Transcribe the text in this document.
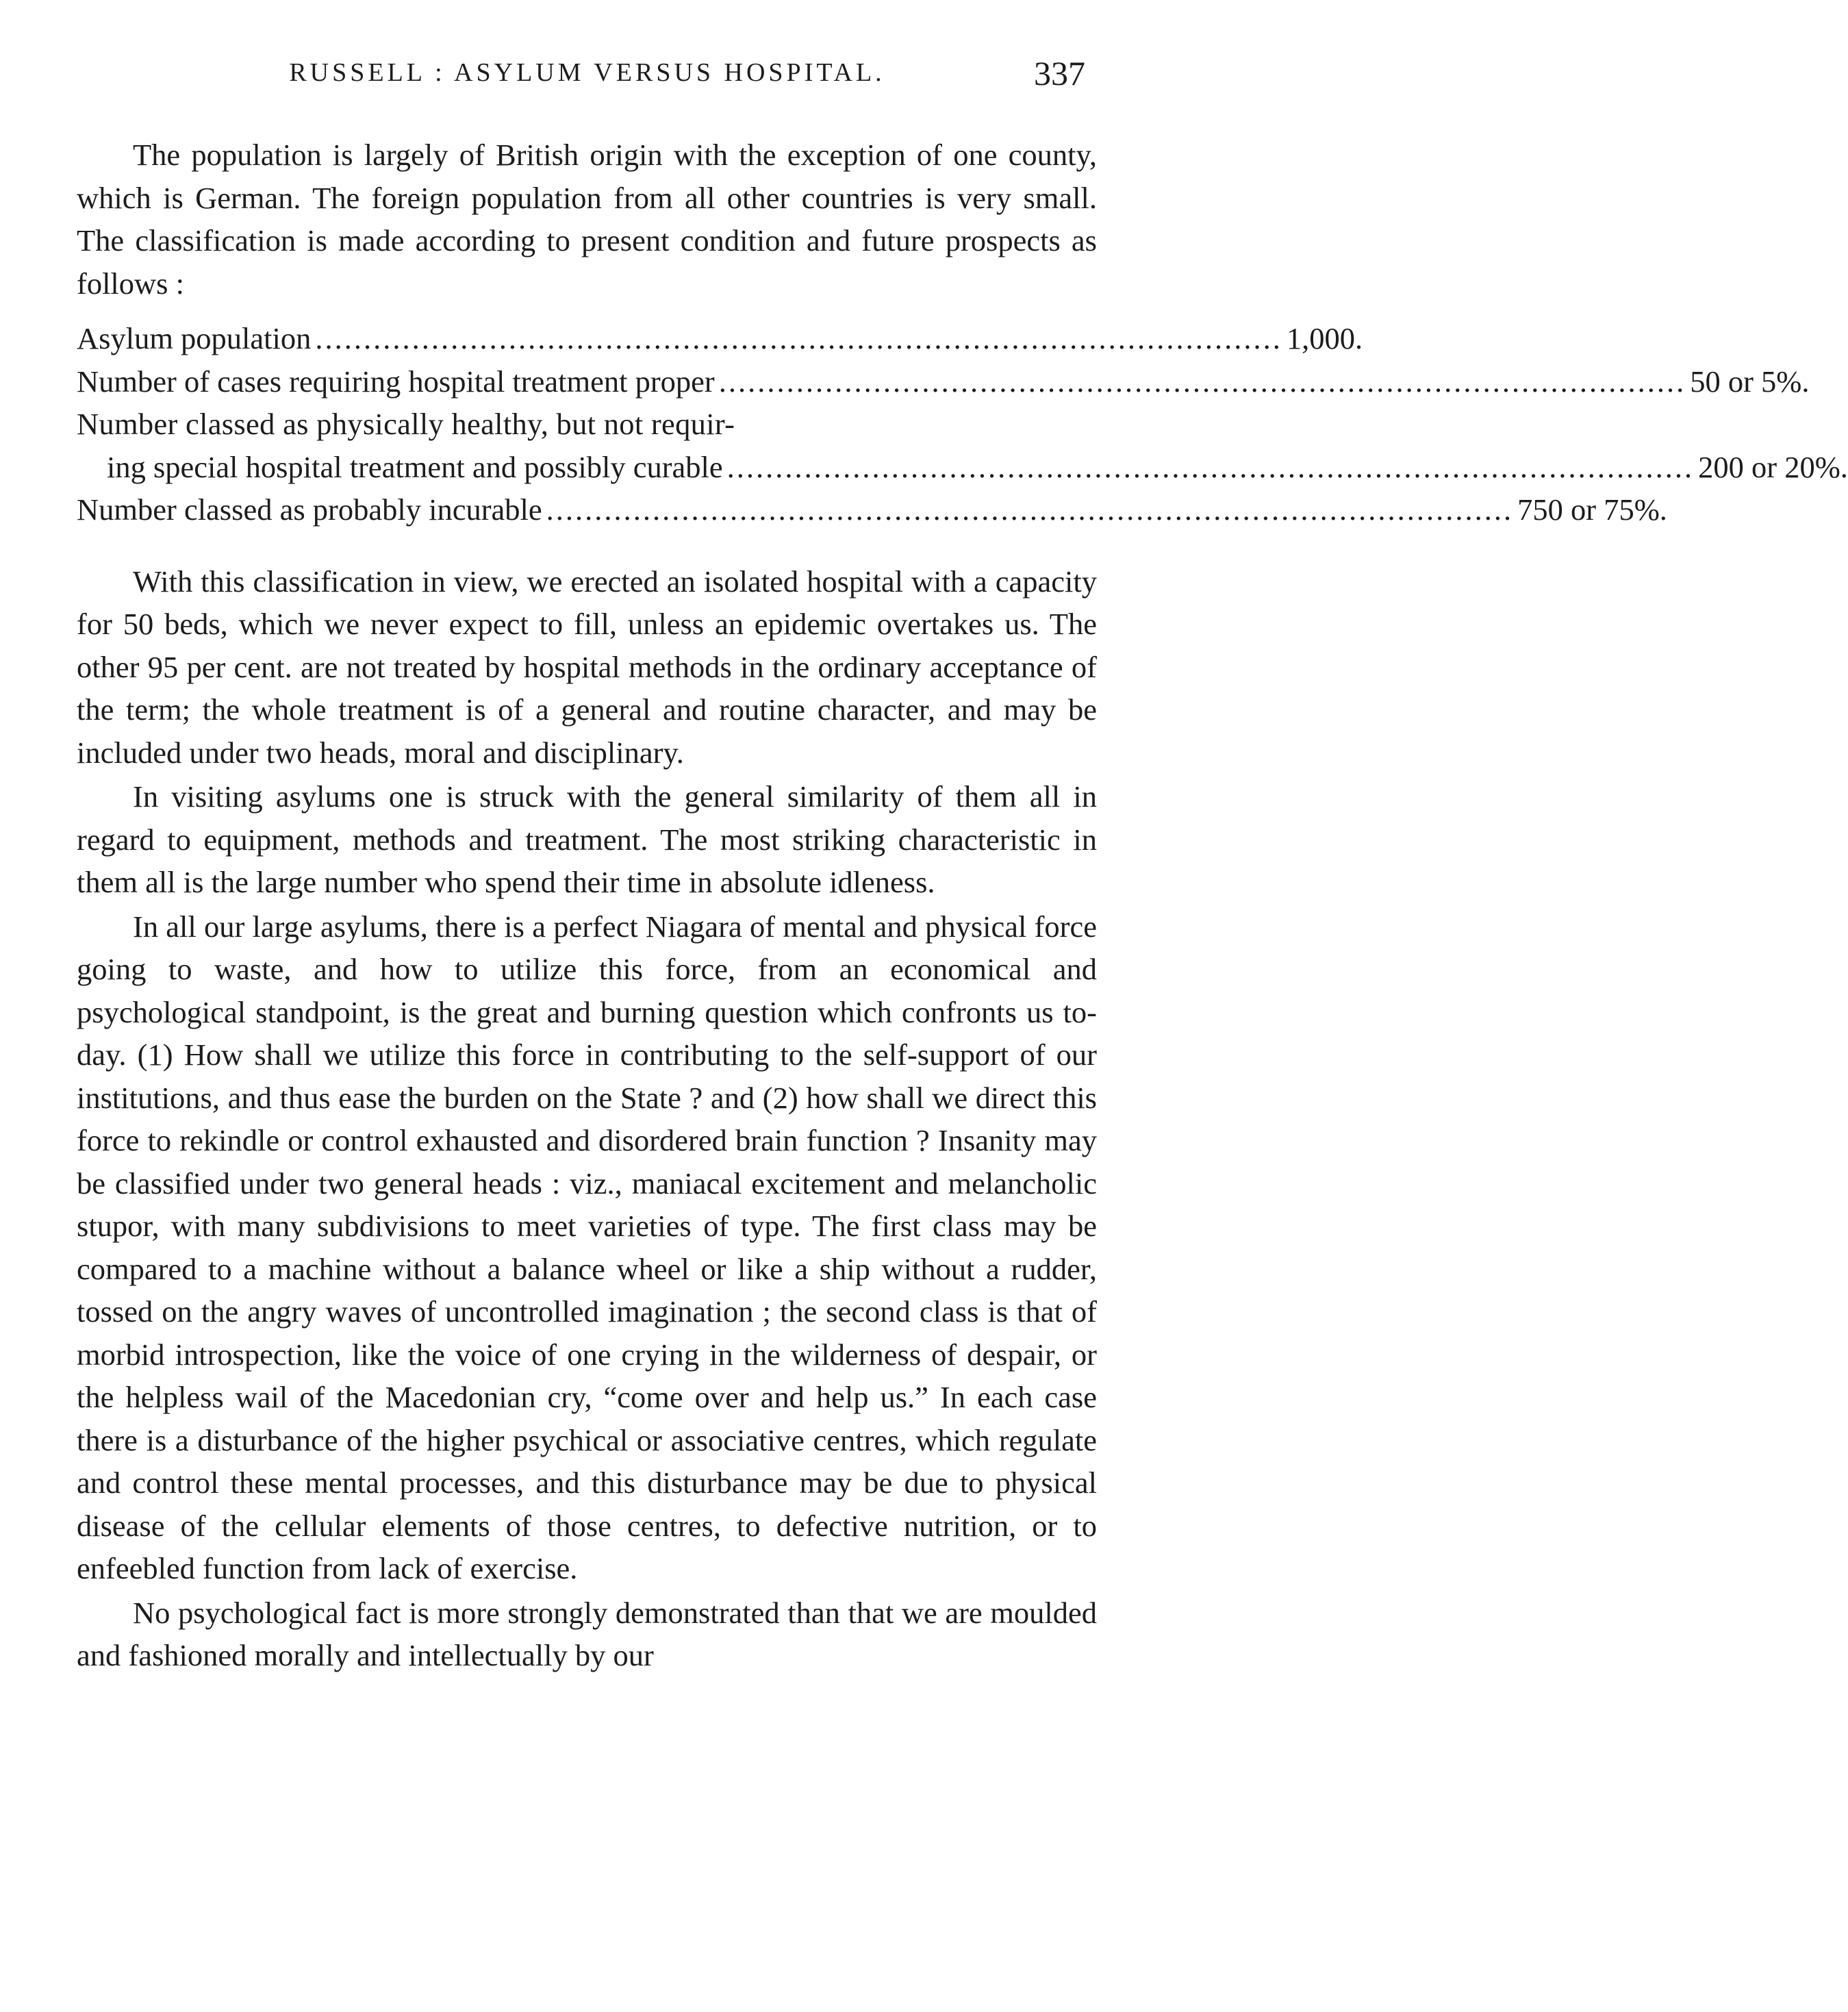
RUSSELL : ASYLUM VERSUS HOSPITAL.	337

The population is largely of British origin with the exception of one county, which is German. The foreign population from all other countries is very small. The classification is made according to present condition and future prospects as follows :

Asylum population .................................................................................................... 1,000.
Number of cases requiring hospital treatment proper .................................................................................................... 50 or 5%.
Number classed as physically healthy, but not requir-
ing special hospital treatment and possibly curable .................................................................................................... 200 or 20%.
Number classed as probably incurable .................................................................................................... 750 or 75%.

With this classification in view, we erected an isolated hospital with a capacity for 50 beds, which we never expect to fill, unless an epidemic overtakes us. The other 95 per cent. are not treated by hospital methods in the ordinary acceptance of the term; the whole treatment is of a general and routine character, and may be included under two heads, moral and disciplinary.

In visiting asylums one is struck with the general similarity of them all in regard to equipment, methods and treatment. The most striking characteristic in them all is the large number who spend their time in absolute idleness.

In all our large asylums, there is a perfect Niagara of mental and physical force going to waste, and how to utilize this force, from an economical and psychological standpoint, is the great and burning question which confronts us to-day. (1) How shall we utilize this force in contributing to the self-support of our institutions, and thus ease the burden on the State ? and (2) how shall we direct this force to rekindle or control exhausted and disordered brain function ? Insanity may be classified under two general heads : viz., maniacal excitement and melancholic stupor, with many subdivisions to meet varieties of type. The first class may be compared to a machine without a balance wheel or like a ship without a rudder, tossed on the angry waves of uncontrolled imagination ; the second class is that of morbid introspection, like the voice of one crying in the wilderness of despair, or the helpless wail of the Macedonian cry, “come over and help us.” In each case there is a disturbance of the higher psychical or associative centres, which regulate and control these mental processes, and this disturbance may be due to physical disease of the cellular elements of those centres, to defective nutrition, or to enfeebled function from lack of exercise.

No psychological fact is more strongly demonstrated than that we are moulded and fashioned morally and intellectually by our
